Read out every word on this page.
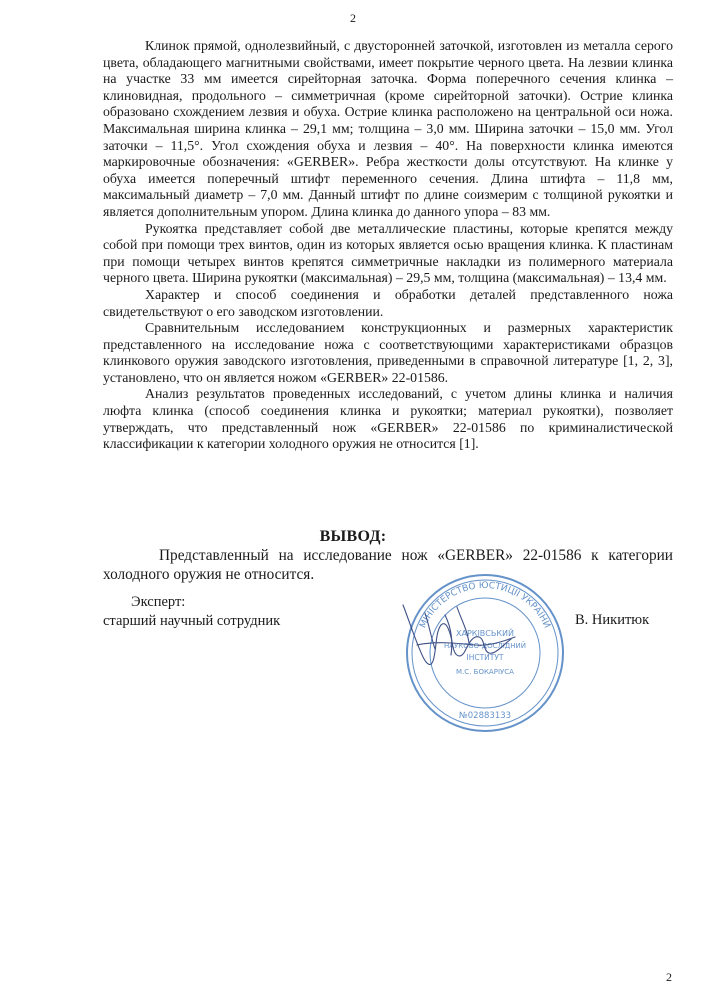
2

Клинок прямой, однолезвийный, с двусторонней заточкой, изготовлен из металла серого цвета, обладающего магнитными свойствами, имеет покрытие черного цвета. На лезвии клинка на участке 33 мм имеется сирейторная заточка. Форма поперечного сечения клинка – клиновидная, продольного – симметричная (кроме сирейторной заточки). Острие клинка образовано схождением лезвия и обуха. Острие клинка расположено на центральной оси ножа. Максимальная ширина клинка – 29,1 мм; толщина – 3,0 мм. Ширина заточки – 15,0 мм. Угол заточки – 11,5°. Угол схождения обуха и лезвия – 40°. На поверхности клинка имеются маркировочные обозначения: «GERBER». Ребра жесткости долы отсутствуют. На клинке у обуха имеется поперечный штифт переменного сечения. Длина штифта – 11,8 мм, максимальный диаметр – 7,0 мм. Данный штифт по длине соизмерим с толщиной рукоятки и является дополнительным упором. Длина клинка до данного упора – 83 мм.

Рукоятка представляет собой две металлические пластины, которые крепятся между собой при помощи трех винтов, один из которых является осью вращения клинка. К пластинам при помощи четырех винтов крепятся симметричные накладки из полимерного материала черного цвета. Ширина рукоятки (максимальная) – 29,5 мм, толщина (максимальная) – 13,4 мм.

Характер и способ соединения и обработки деталей представленного ножа свидетельствуют о его заводском изготовлении.

Сравнительным исследованием конструкционных и размерных характеристик представленного на исследование ножа с соответствующими характеристиками образцов клинкового оружия заводского изготовления, приведенными в справочной литературе [1, 2, 3], установлено, что он является ножом «GERBER» 22-01586.

Анализ результатов проведенных исследований, с учетом длины клинка и наличия люфта клинка (способ соединения клинка и рукоятки; материал рукоятки), позволяет утверждать, что представленный нож «GERBER» 22-01586 по криминалистической классификации к категории холодного оружия не относится [1].

ВЫВОД:

Представленный на исследование нож «GERBER» 22-01586 к категории холодного оружия не относится.

Эксперт:
старший научный сотрудник	В. Никитюк
МІНІСТЕРСТВО ЮСТИЦІЇ УКРАЇНИ
ХАРКІВСЬКИЙ
НАУКОВО-ДОСЛІДНИЙ
ІНСТИТУТ
М.С. БОКАРІУСА
№02883133
2
